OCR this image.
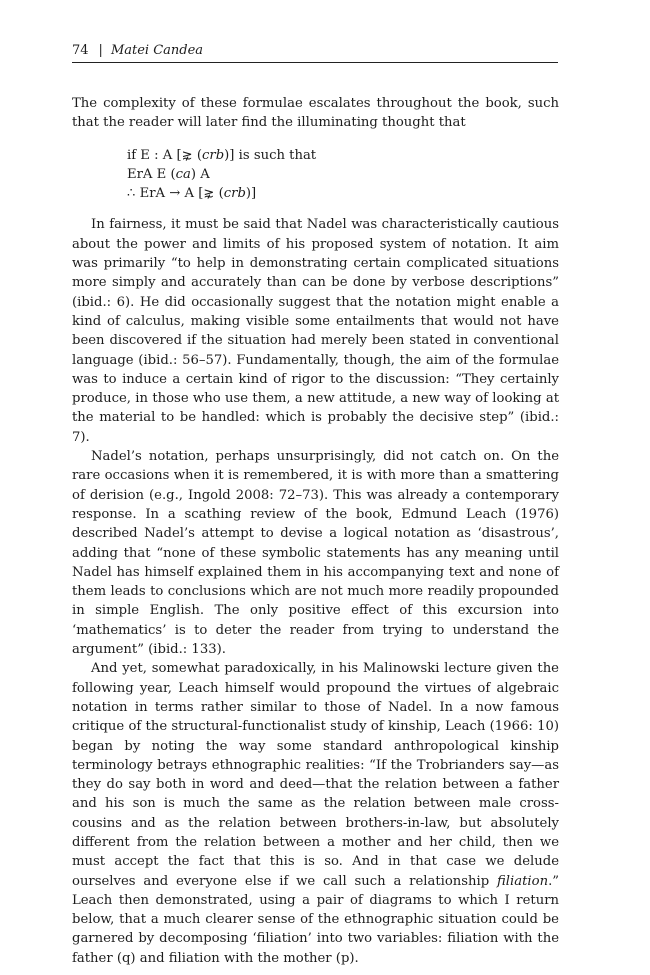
74 | Matei Candea

The complexity of these formulae escalates throughout the book, such that the reader will later find the illuminating thought that

if E : A [⋧ (crb)] is such that
ErA E (ca) A
∴ ErA → A [⋧ (crb)]

In fairness, it must be said that Nadel was characteristically cautious about the power and limits of his proposed system of notation. It aim was primarily “to help in demonstrating certain complicated situations more simply and accurately than can be done by verbose descriptions” (ibid.: 6). He did occasionally suggest that the notation might enable a kind of calculus, making visible some entailments that would not have been discovered if the situation had merely been stated in conventional language (ibid.: 56–57). Fundamentally, though, the aim of the formulae was to induce a certain kind of rigor to the discussion: “They certainly produce, in those who use them, a new attitude, a new way of looking at the material to be handled: which is probably the decisive step” (ibid.: 7).

Nadel’s notation, perhaps unsurprisingly, did not catch on. On the rare occasions when it is remembered, it is with more than a smattering of derision (e.g., Ingold 2008: 72–73). This was already a contemporary response. In a scathing review of the book, Edmund Leach (1976) described Nadel’s attempt to devise a logical notation as ‘disastrous’, adding that “none of these symbolic statements has any meaning until Nadel has himself explained them in his accompanying text and none of them leads to conclusions which are not much more readily propounded in simple English. The only positive effect of this excursion into ‘mathematics’ is to deter the reader from trying to understand the argument” (ibid.: 133).

And yet, somewhat paradoxically, in his Malinowski lecture given the following year, Leach himself would propound the virtues of algebraic notation in terms rather similar to those of Nadel. In a now famous critique of the structural-functionalist study of kinship, Leach (1966: 10) began by noting the way some standard anthropological kinship terminology betrays ethnographic realities: “If the Trobrianders say—as they do say both in word and deed—that the relation between a father and his son is much the same as the relation between male cross-cousins and as the relation between brothers-in-law, but absolutely different from the relation between a mother and her child, then we must accept the fact that this is so. And in that case we delude ourselves and everyone else if we call such a relationship filiation.” Leach then demonstrated, using a pair of diagrams to which I return below, that a much clearer sense of the ethnographic situation could be garnered by decomposing ‘filiation’ into two variables: filiation with the father (q) and filiation with the mother (p).
